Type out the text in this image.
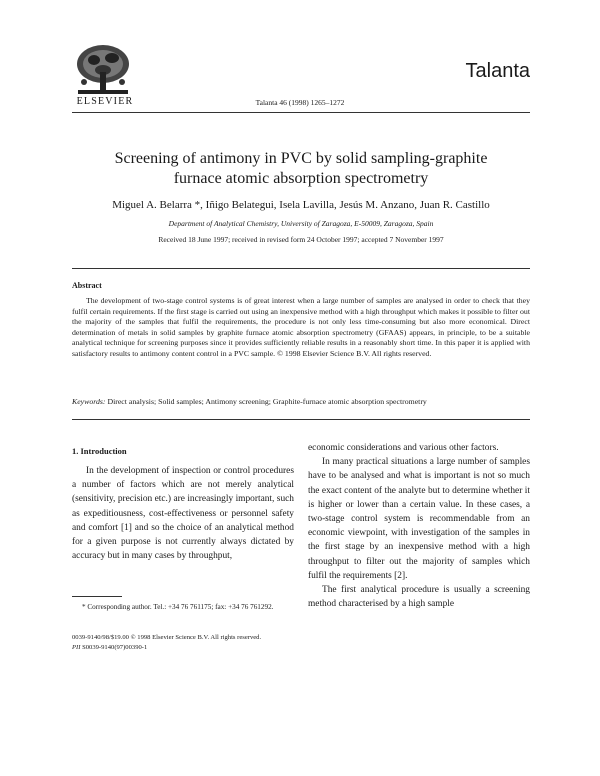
ELSEVIER	Talanta 46 (1998) 1265–1272
Talanta
Screening of antimony in PVC by solid sampling-graphite
furnace atomic absorption spectrometry
Miguel A. Belarra *, Iñigo Belategui, Isela Lavilla, Jesús M. Anzano, Juan R. Castillo
Department of Analytical Chemistry, University of Zaragoza, E-50009, Zaragoza, Spain
Received 18 June 1997; received in revised form 24 October 1997; accepted 7 November 1997
Abstract
The development of two-stage control systems is of great interest when a large number of samples are analysed in order to check that they fulfil certain requirements. If the first stage is carried out using an inexpensive method with a high throughput which makes it possible to filter out the majority of the samples that fulfil the requirements, the procedure is not only less time-consuming but also more economical. Direct determination of metals in solid samples by graphite furnace atomic absorption spectrometry (GFAAS) appears, in principle, to be a suitable analytical technique for screening purposes since it provides sufficiently reliable results in a reasonably short time. In this paper it is applied with satisfactory results to antimony content control in a PVC sample. © 1998 Elsevier Science B.V. All rights reserved.
Keywords: Direct analysis; Solid samples; Antimony screening; Graphite-furnace atomic absorption spectrometry
1. Introduction

In the development of inspection or control procedures a number of factors which are not merely analytical (sensitivity, precision etc.) are increasingly important, such as expeditiousness, cost-effectiveness or personnel safety and comfort [1] and so the choice of an analytical method for a given purpose is not currently always dictated by accuracy but in many cases by throughput,

economic considerations and various other factors.

In many practical situations a large number of samples have to be analysed and what is important is not so much the exact content of the analyte but to determine whether it is higher or lower than a certain value. In these cases, a two-stage control system is recommendable from an economic viewpoint, with investigation of the samples in the first stage by an inexpensive method with a high throughput to filter out the majority of samples which fulfil the requirements [2].

The first analytical procedure is usually a screening method characterised by a high sample

* Corresponding author. Tel.: +34 76 761175; fax: +34 76 761292.
0039-9140/98/$19.00 © 1998 Elsevier Science B.V. All rights reserved.
PII S0039-9140(97)00390-1
